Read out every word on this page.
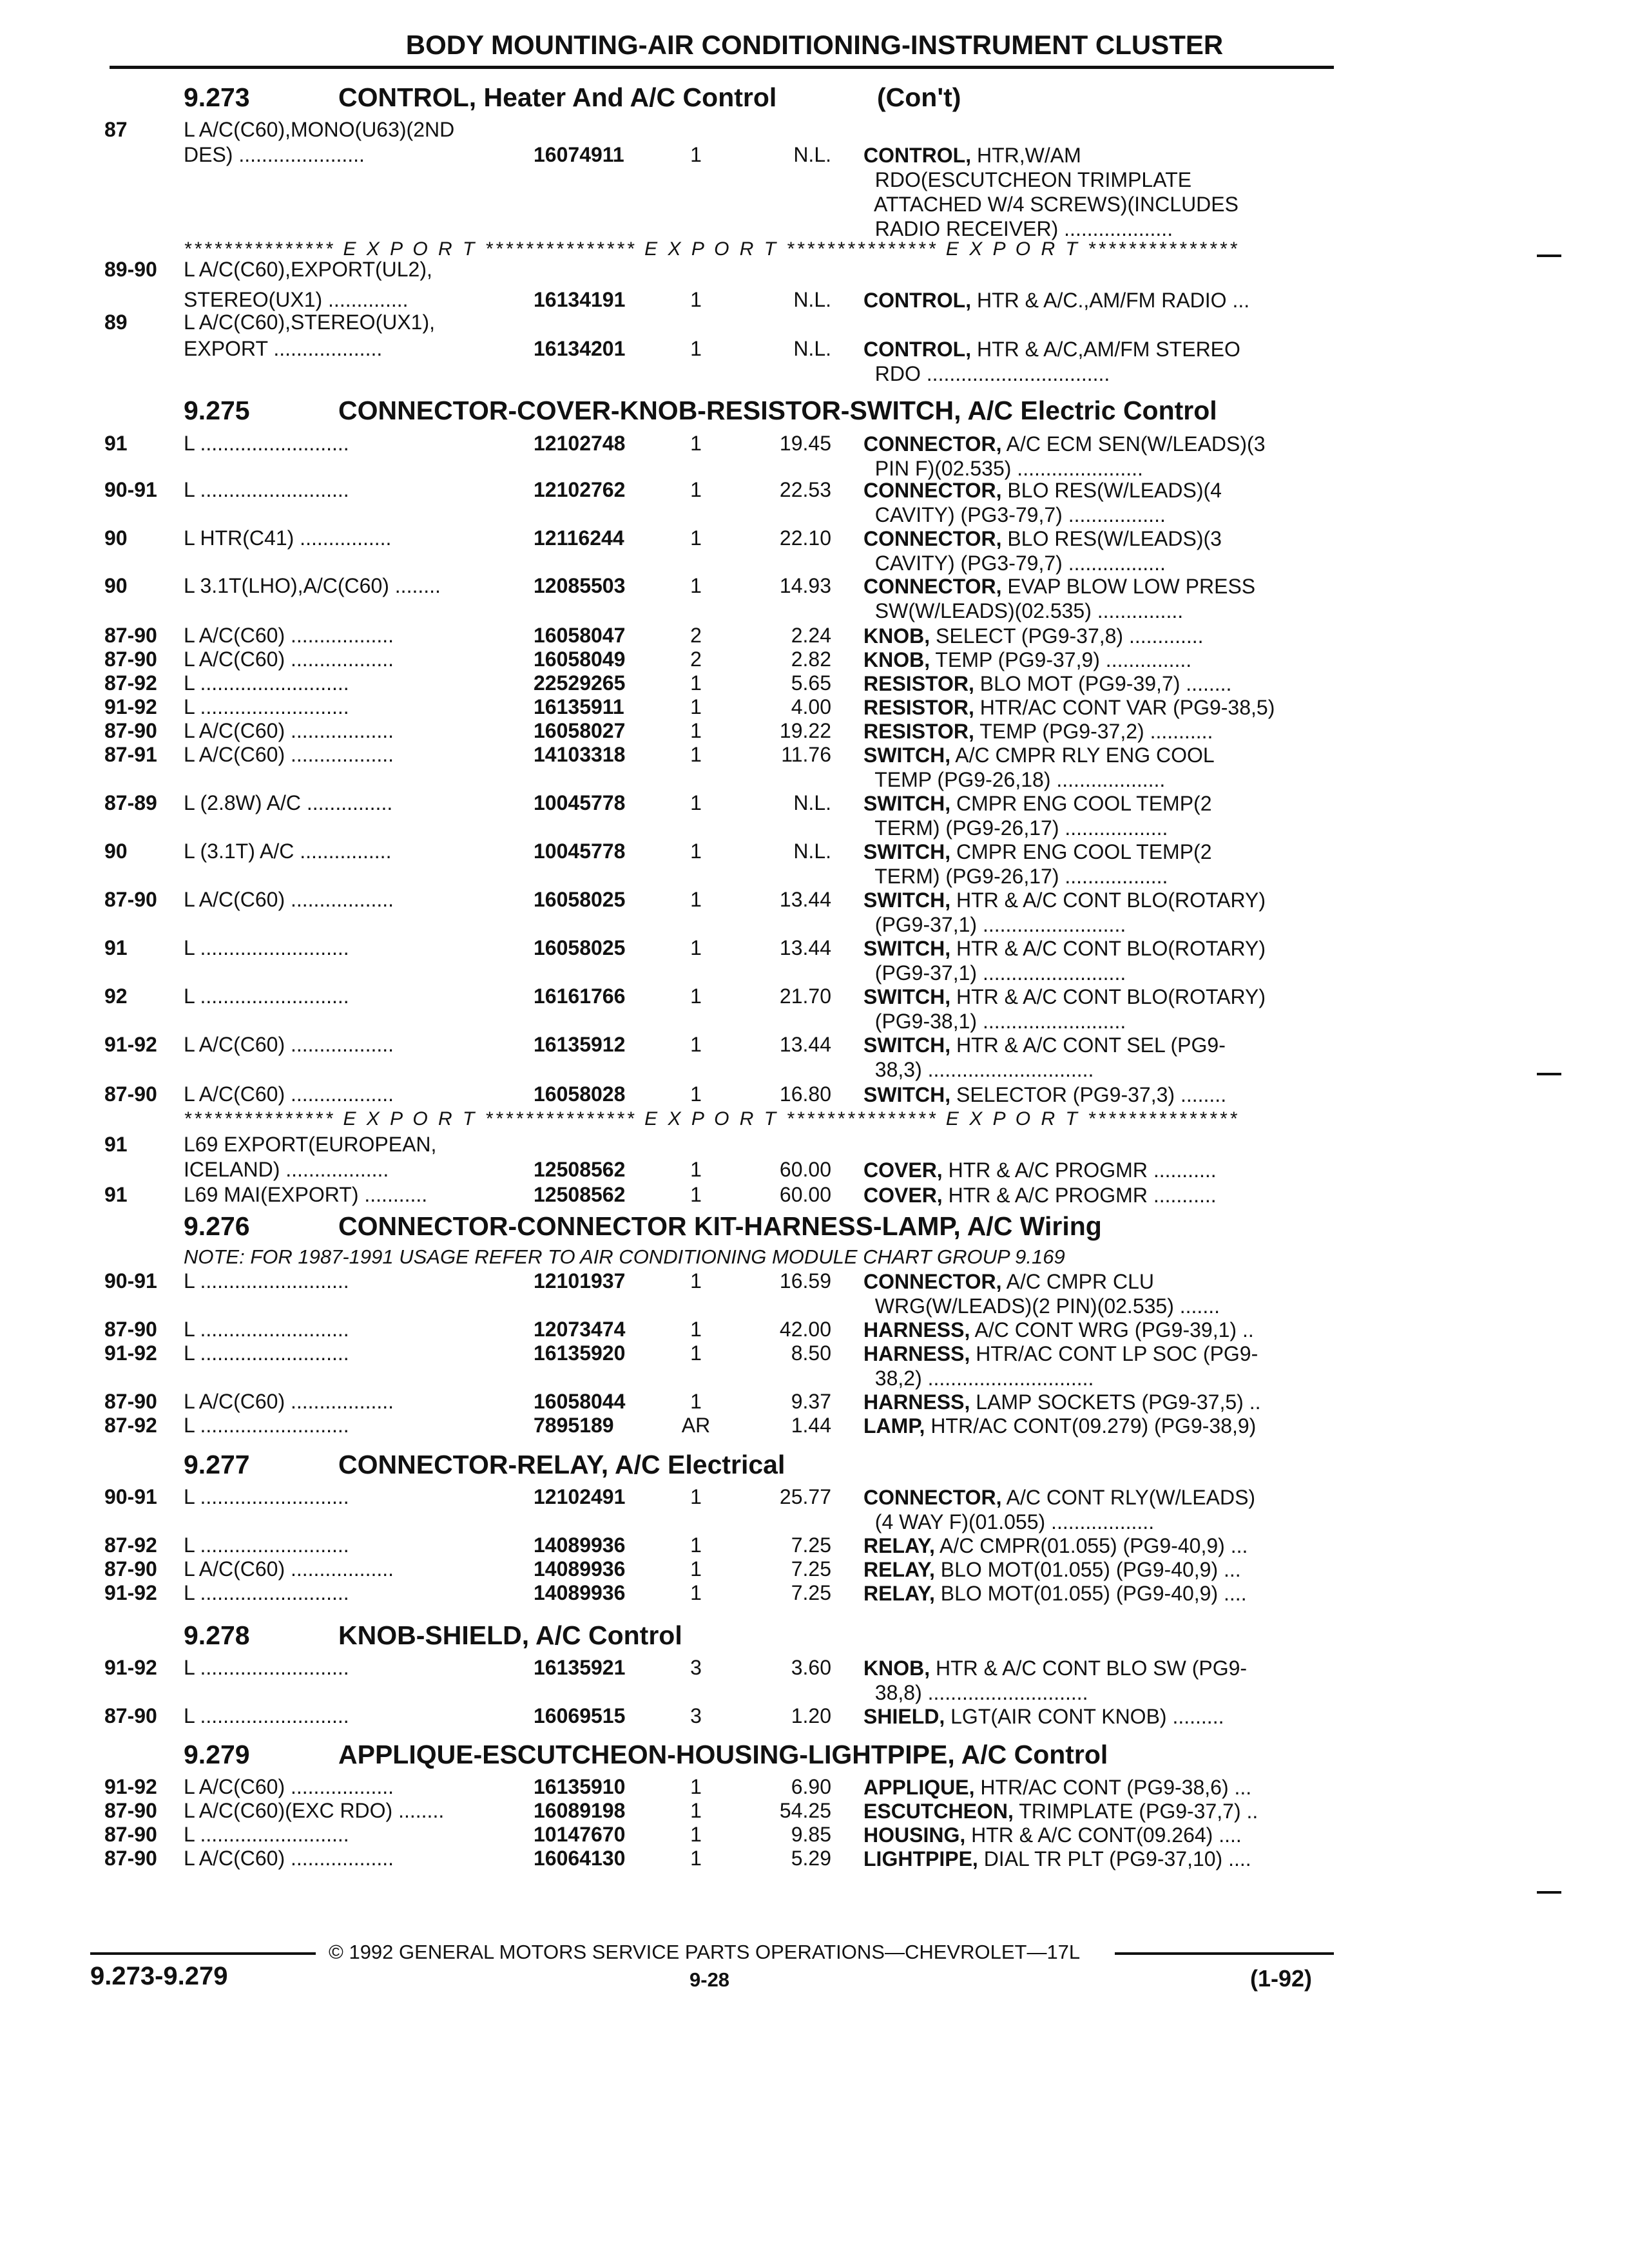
BODY MOUNTING-AIR CONDITIONING-INSTRUMENT CLUSTER
9.273	CONTROL, Heater And A/C Control	(Con't)
9.275	CONNECTOR-COVER-KNOB-RESISTOR-SWITCH, A/C Electric Control
9.276	CONNECTOR-CONNECTOR KIT-HARNESS-LAMP, A/C Wiring
9.277	CONNECTOR-RELAY, A/C Electrical
9.278	KNOB-SHIELD, A/C Control
9.279	APPLIQUE-ESCUTCHEON-HOUSING-LIGHTPIPE, A/C Control
*************** E X P O R T *************** E X P O R T *************** E X P O R T ***************
*************** E X P O R T *************** E X P O R T *************** E X P O R T ***************
NOTE: FOR 1987-1991 USAGE REFER TO AIR CONDITIONING MODULE CHART GROUP 9.169
87	L A/C(C60),MONO(U63)(2ND
DES) ......................	16074911	1	N.L. CONTROL, HTR,W/AM
RDO(ESCUTCHEON TRIMPLATE
ATTACHED W/4 SCREWS)(INCLUDES
RADIO RECEIVER) ...................
89-90 L A/C(C60),EXPORT(UL2),
STEREO(UX1) ..............	16134191	1	N.L. CONTROL, HTR & A/C.,AM/FM RADIO ...
89	L A/C(C60),STEREO(UX1),
EXPORT ...................	16134201	1	N.L. CONTROL, HTR & A/C,AM/FM STEREO
RDO ................................
91	L ..........................	12102748	1	19.45 CONNECTOR, A/C ECM SEN(W/LEADS)(3
PIN F)(02.535) ......................
90-91 L ..........................	12102762	1	22.53 CONNECTOR, BLO RES(W/LEADS)(4
CAVITY) (PG3-79,7) .................
90	L HTR(C41) ................	12116244	1	22.10 CONNECTOR, BLO RES(W/LEADS)(3
CAVITY) (PG3-79,7) .................
90	L 3.1T(LHO),A/C(C60) ........	12085503	1	14.93 CONNECTOR, EVAP BLOW LOW PRESS
SW(W/LEADS)(02.535) ...............
87-90 L A/C(C60) ..................	16058047	2	2.24 KNOB, SELECT (PG9-37,8) .............
87-90 L A/C(C60) ..................	16058049	2	2.82 KNOB, TEMP (PG9-37,9) ...............
87-92 L ..........................	22529265	1	5.65 RESISTOR, BLO MOT (PG9-39,7) ........
91-92 L ..........................	16135911	1	4.00 RESISTOR, HTR/AC CONT VAR (PG9-38,5)
87-90 L A/C(C60) ..................	16058027	1	19.22 RESISTOR, TEMP (PG9-37,2) ...........
87-91 L A/C(C60) ..................	14103318	1	11.76 SWITCH, A/C CMPR RLY ENG COOL
TEMP (PG9-26,18) ...................
87-89 L (2.8W) A/C ...............	10045778	1	N.L. SWITCH, CMPR ENG COOL TEMP(2
TERM) (PG9-26,17) ..................
90	L (3.1T) A/C ................	10045778	1	N.L. SWITCH, CMPR ENG COOL TEMP(2
TERM) (PG9-26,17) ..................
87-90 L A/C(C60) ..................	16058025	1	13.44 SWITCH, HTR & A/C CONT BLO(ROTARY)
(PG9-37,1) .........................
91	L ..........................	16058025	1	13.44 SWITCH, HTR & A/C CONT BLO(ROTARY)
(PG9-37,1) .........................
92	L ..........................	16161766	1	21.70 SWITCH, HTR & A/C CONT BLO(ROTARY)
(PG9-38,1) .........................
91-92 L A/C(C60) ..................	16135912	1	13.44 SWITCH, HTR & A/C CONT SEL (PG9-
38,3) .............................
87-90 L A/C(C60) ..................	16058028	1	16.80 SWITCH, SELECTOR (PG9-37,3) ........
91	L69 EXPORT(EUROPEAN,
ICELAND) ..................	12508562	1	60.00 COVER, HTR & A/C PROGMR ...........
91	L69 MAI(EXPORT) ...........	12508562	1	60.00 COVER, HTR & A/C PROGMR ...........
90-91 L ..........................	12101937	1	16.59 CONNECTOR, A/C CMPR CLU
WRG(W/LEADS)(2 PIN)(02.535) .......
87-90 L ..........................	12073474	1	42.00 HARNESS, A/C CONT WRG (PG9-39,1) ..
91-92 L ..........................	16135920	1	8.50 HARNESS, HTR/AC CONT LP SOC (PG9-
38,2) .............................
87-90 L A/C(C60) ..................	16058044	1	9.37 HARNESS, LAMP SOCKETS (PG9-37,5) ..
87-92 L ..........................	7895189	AR	1.44 LAMP, HTR/AC CONT(09.279) (PG9-38,9)
90-91 L ..........................	12102491	1	25.77 CONNECTOR, A/C CONT RLY(W/LEADS)
(4 WAY F)(01.055) ..................
87-92 L ..........................	14089936	1	7.25 RELAY, A/C CMPR(01.055) (PG9-40,9) ...
87-90 L A/C(C60) ..................	14089936	1	7.25 RELAY, BLO MOT(01.055) (PG9-40,9) ...
91-92 L ..........................	14089936	1	7.25 RELAY, BLO MOT(01.055) (PG9-40,9) ....
91-92 L ..........................	16135921	3	3.60 KNOB, HTR & A/C CONT BLO SW (PG9-
38,8) ............................
87-90 L ..........................	16069515	3	1.20 SHIELD, LGT(AIR CONT KNOB) .........
91-92 L A/C(C60) ..................	16135910	1	6.90 APPLIQUE, HTR/AC CONT (PG9-38,6) ...
87-90 L A/C(C60)(EXC RDO) ........	16089198	1	54.25 ESCUTCHEON, TRIMPLATE (PG9-37,7) ..
87-90 L ..........................	10147670	1	9.85 HOUSING, HTR & A/C CONT(09.264) ....
87-90 L A/C(C60) ..................	16064130	1	5.29 LIGHTPIPE, DIAL TR PLT (PG9-37,10) ....
© 1992 GENERAL MOTORS SERVICE PARTS OPERATIONS—CHEVROLET—17L
9.273-9.279	9-28	(1-92)
